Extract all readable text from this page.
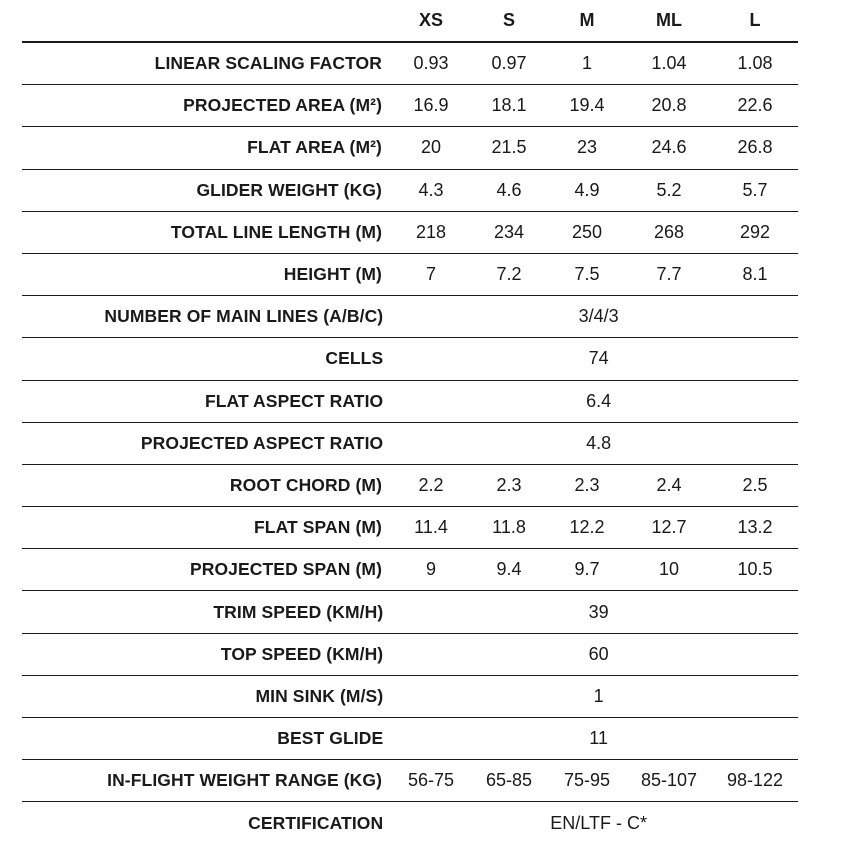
XS	S	M	ML	L
LINEAR SCALING FACTOR	0.93	0.97	1	1.04	1.08
PROJECTED AREA (M²)	16.9	18.1	19.4	20.8	22.6
FLAT AREA (M²)	20	21.5	23	24.6	26.8
GLIDER WEIGHT (KG)	4.3	4.6	4.9	5.2	5.7
TOTAL LINE LENGTH (M)	218	234	250	268	292
HEIGHT (M)	7	7.2	7.5	7.7	8.1
NUMBER OF MAIN LINES (A/B/C)	3/4/3
CELLS	74
FLAT ASPECT RATIO	6.4
PROJECTED ASPECT RATIO	4.8
ROOT CHORD (M)	2.2	2.3	2.3	2.4	2.5
FLAT SPAN (M)	11.4	11.8	12.2	12.7	13.2
PROJECTED SPAN (M)	9	9.4	9.7	10	10.5
TRIM SPEED (KM/H)	39
TOP SPEED (KM/H)	60
MIN SINK (M/S)	1
BEST GLIDE	11
IN-FLIGHT WEIGHT RANGE (KG)	56-75	65-85	75-95	85-107	98-122
CERTIFICATION	EN/LTF - C*
